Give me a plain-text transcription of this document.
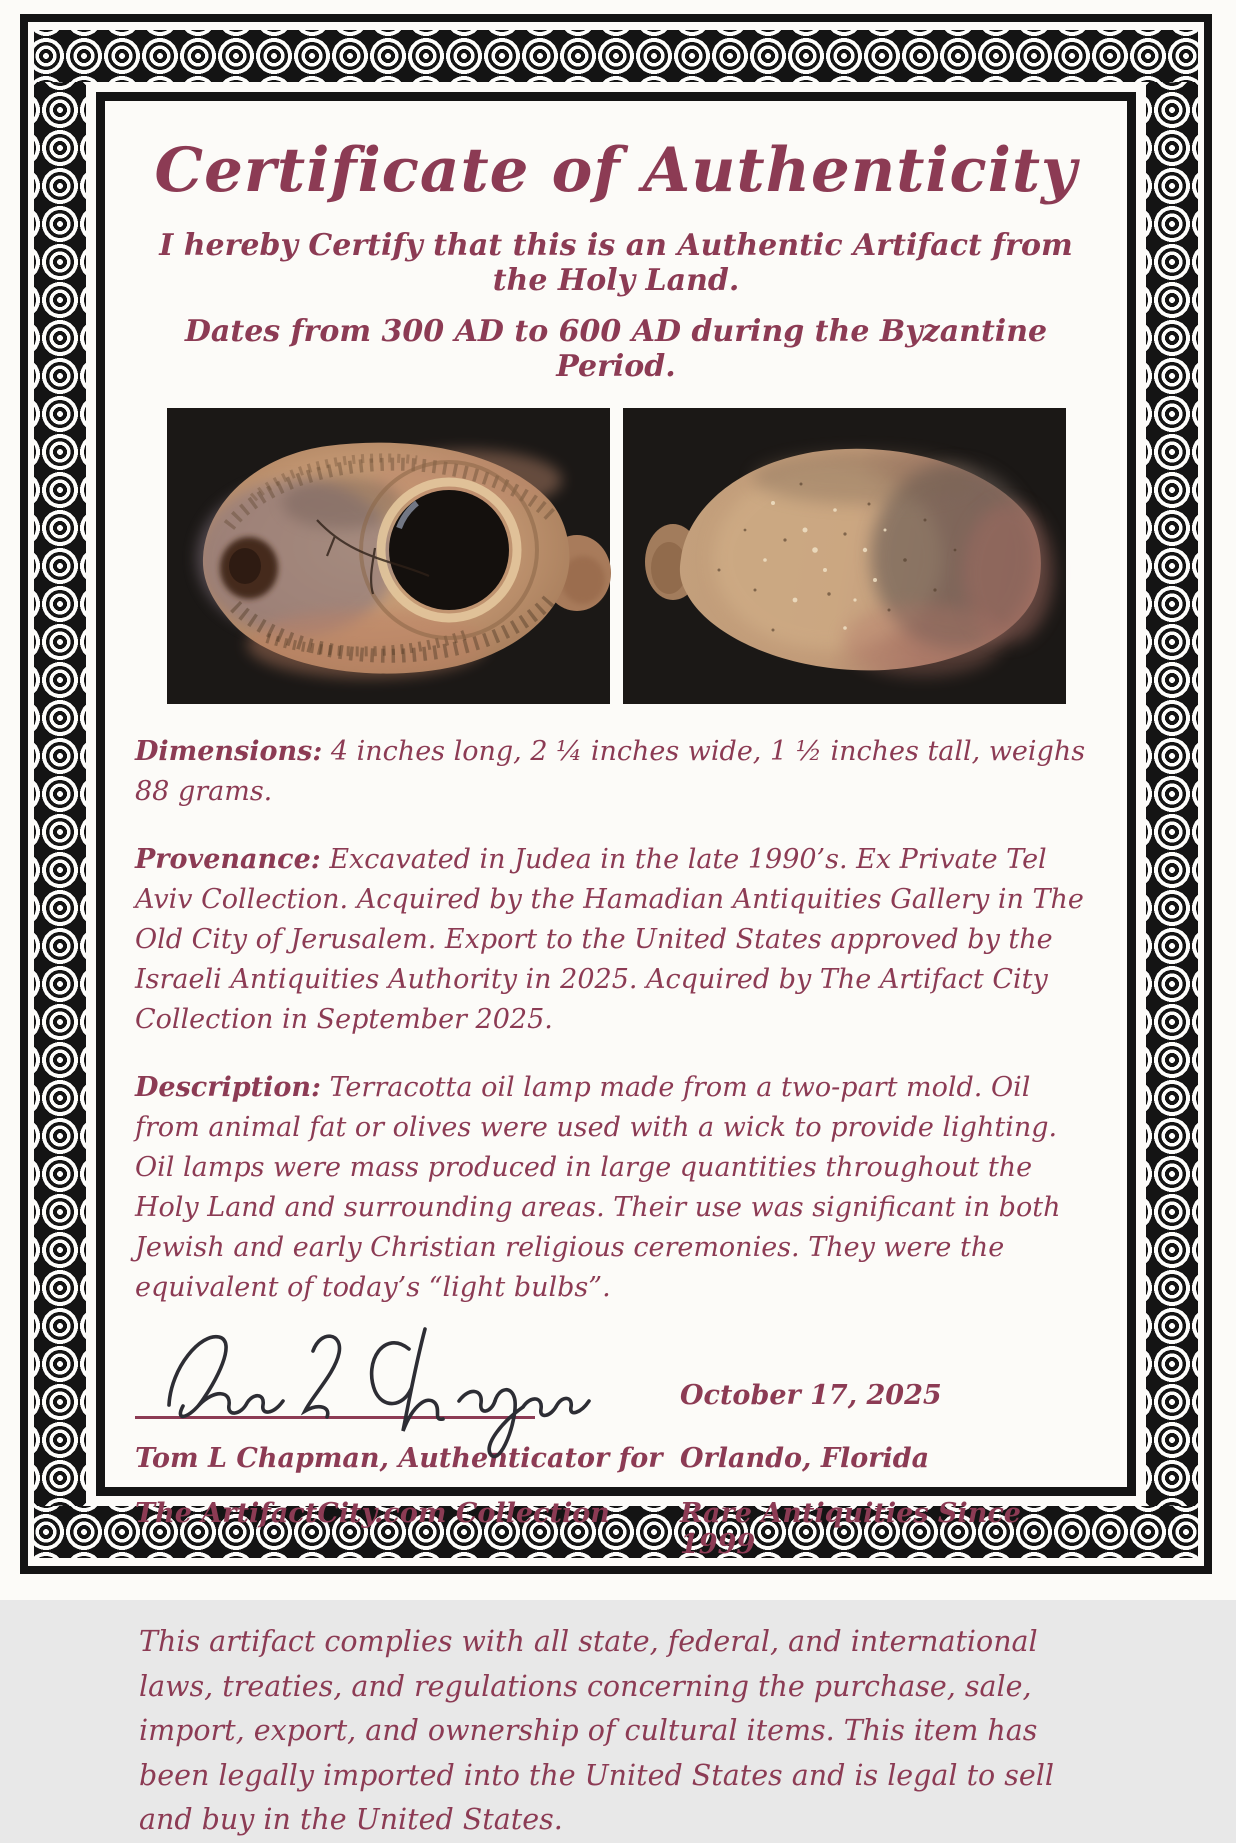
Certificate of Authenticity
I hereby Certify that this is an Authentic Artifact from the Holy Land.
Dates from 300 AD to 600 AD during the Byzantine Period.

Dimensions: 4 inches long, 2 ¼ inches wide, 1 ½ inches tall, weighs 88 grams.

Provenance: Excavated in Judea in the late 1990’s. Ex Private Tel Aviv Collection. Acquired by the Hamadian Antiquities Gallery in The Old City of Jerusalem. Export to the United States approved by the Israeli Antiquities Authority in 2025. Acquired by The Artifact City Collection in September 2025.

Description: Terracotta oil lamp made from a two-part mold. Oil from animal fat or olives were used with a wick to provide lighting. Oil lamps were mass produced in large quantities throughout the Holy Land and surrounding areas. Their use was significant in both Jewish and early Christian religious ceremonies. They were the equivalent of today’s “light bulbs”.

October 17, 2025
Tom L Chapman, Authenticator for Orlando, Florida
The ArtifactCity.com Collection	Rare Antiquities Since 1999

This artifact complies with all state, federal, and international laws, treaties, and regulations concerning the purchase, sale, import, export, and ownership of cultural items. This item has been legally imported into the United States and is legal to sell and buy in the United States.
